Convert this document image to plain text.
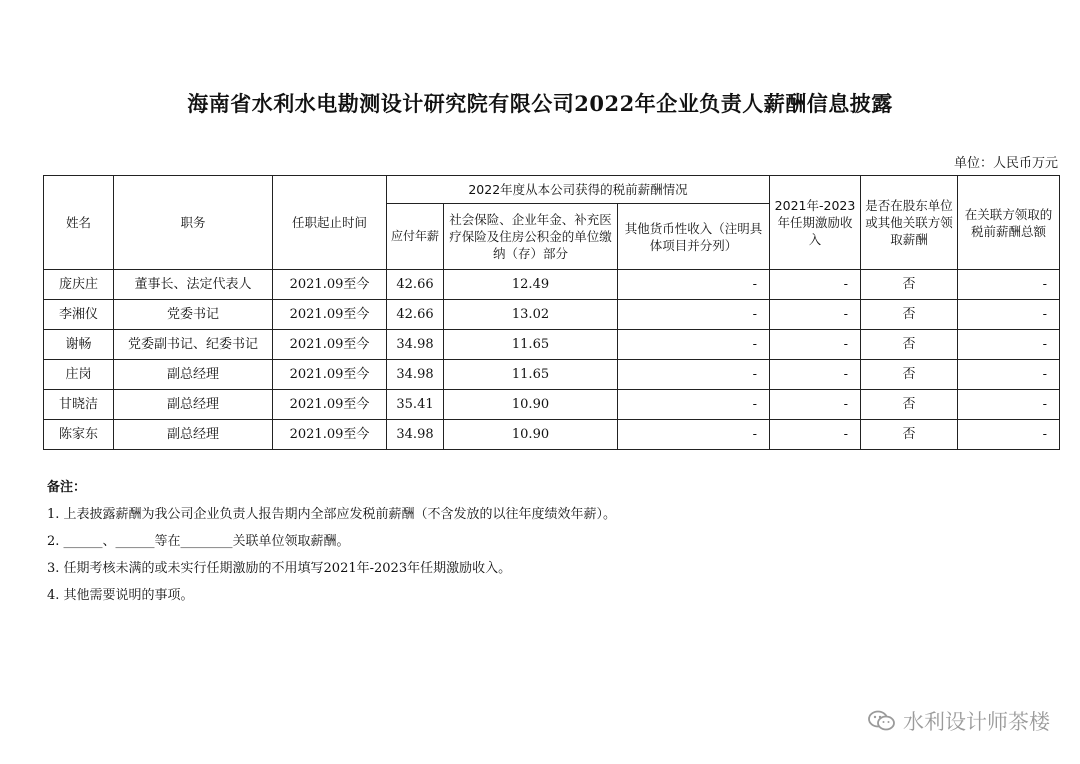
海南省水利水电勘测设计研究院有限公司2022年企业负责人薪酬信息披露
单位：人民币万元
姓名	职务	任职起止时间	2022年度从本公司获得的税前薪酬情况			2021年-2023年任期激励收入	是否在股东单位或其他关联方领取薪酬	在关联方领取的税前薪酬总额
			应付年薪	社会保险、企业年金、补充医疗保险及住房公积金的单位缴纳（存）部分	其他货币性收入（注明具体项目并分列）			
庞庆庄	董事长、法定代表人	2021.09至今	42.66	12.49	-	-	否	-
李湘仪	党委书记	2021.09至今	42.66	13.02	-	-	否	-
谢畅	党委副书记、纪委书记	2021.09至今	34.98	11.65	-	-	否	-
庄岗	副总经理	2021.09至今	34.98	11.65	-	-	否	-
甘晓洁	副总经理	2021.09至今	35.41	10.90	-	-	否	-
陈家东	副总经理	2021.09至今	34.98	10.90	-	-	否	-
备注：
1. 上表披露薪酬为我公司企业负责人报告期内全部应发税前薪酬（不含发放的以往年度绩效年薪）。
2. ______、______等在________关联单位领取薪酬。
3. 任期考核未满的或未实行任期激励的不用填写2021年-2023年任期激励收入。
4. 其他需要说明的事项。
水利设计师茶楼
